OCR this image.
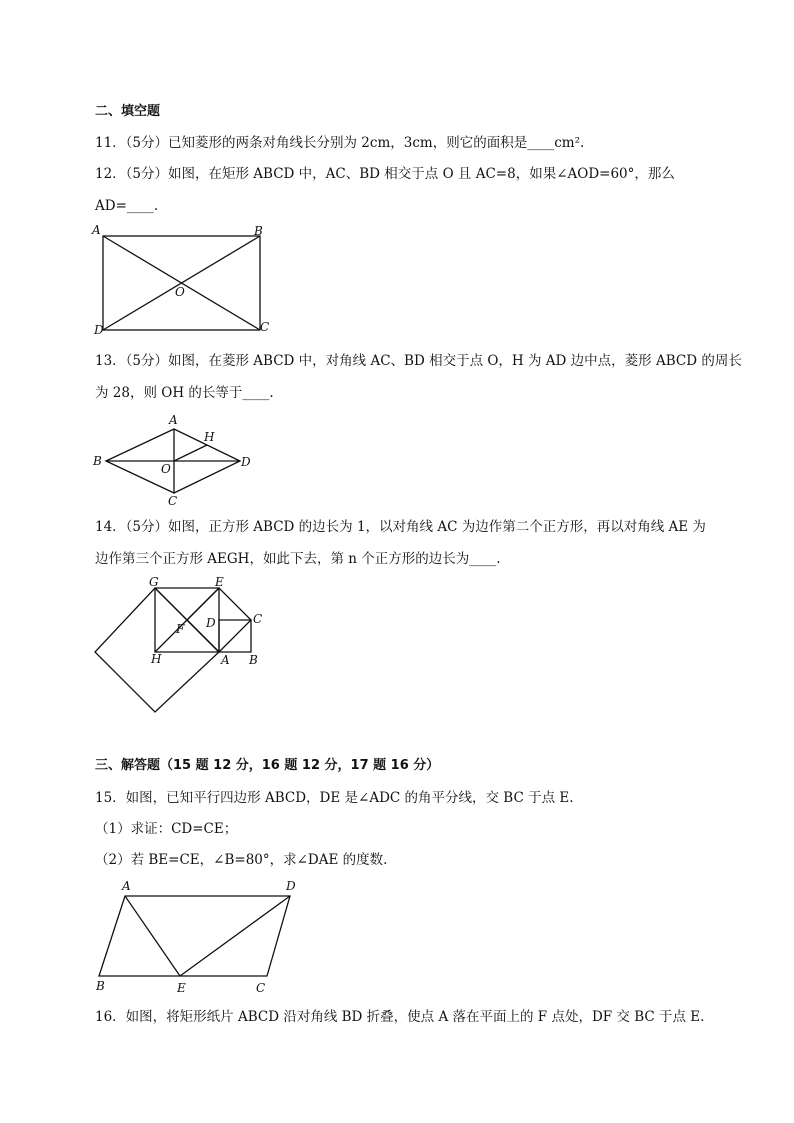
二、填空题
11．（5分）已知菱形的两条对角线长分别为 2cm，3cm，则它的面积是____cm².
12．（5分）如图，在矩形 ABCD 中，AC、BD 相交于点 O 且 AC=8，如果∠AOD=60°，那么
AD=____.
A	B
C
D
O
13．（5分）如图，在菱形 ABCD 中，对角线 AC、BD 相交于点 O，H 为 AD 边中点，菱形 ABCD 的周长
为 28，则 OH 的长等于____.
A
B
C
D
O
H
14．（5分）如图，正方形 ABCD 的边长为 1，以对角线 AC 为边作第二个正方形，再以对角线 AE 为
边作第三个正方形 AEGH，如此下去，第 n 个正方形的边长为____.
G	E
C
F D
H	A B
三、解答题（15 题 12 分，16 题 12 分，17 题 16 分）
15．如图，已知平行四边形 ABCD，DE 是∠ADC 的角平分线，交 BC 于点 E.
（1）求证：CD=CE；
（2）若 BE=CE，∠B=80°，求∠DAE 的度数.
A	D
B	E	C
16．如图，将矩形纸片 ABCD 沿对角线 BD 折叠，使点 A 落在平面上的 F 点处，DF 交 BC 于点 E.
